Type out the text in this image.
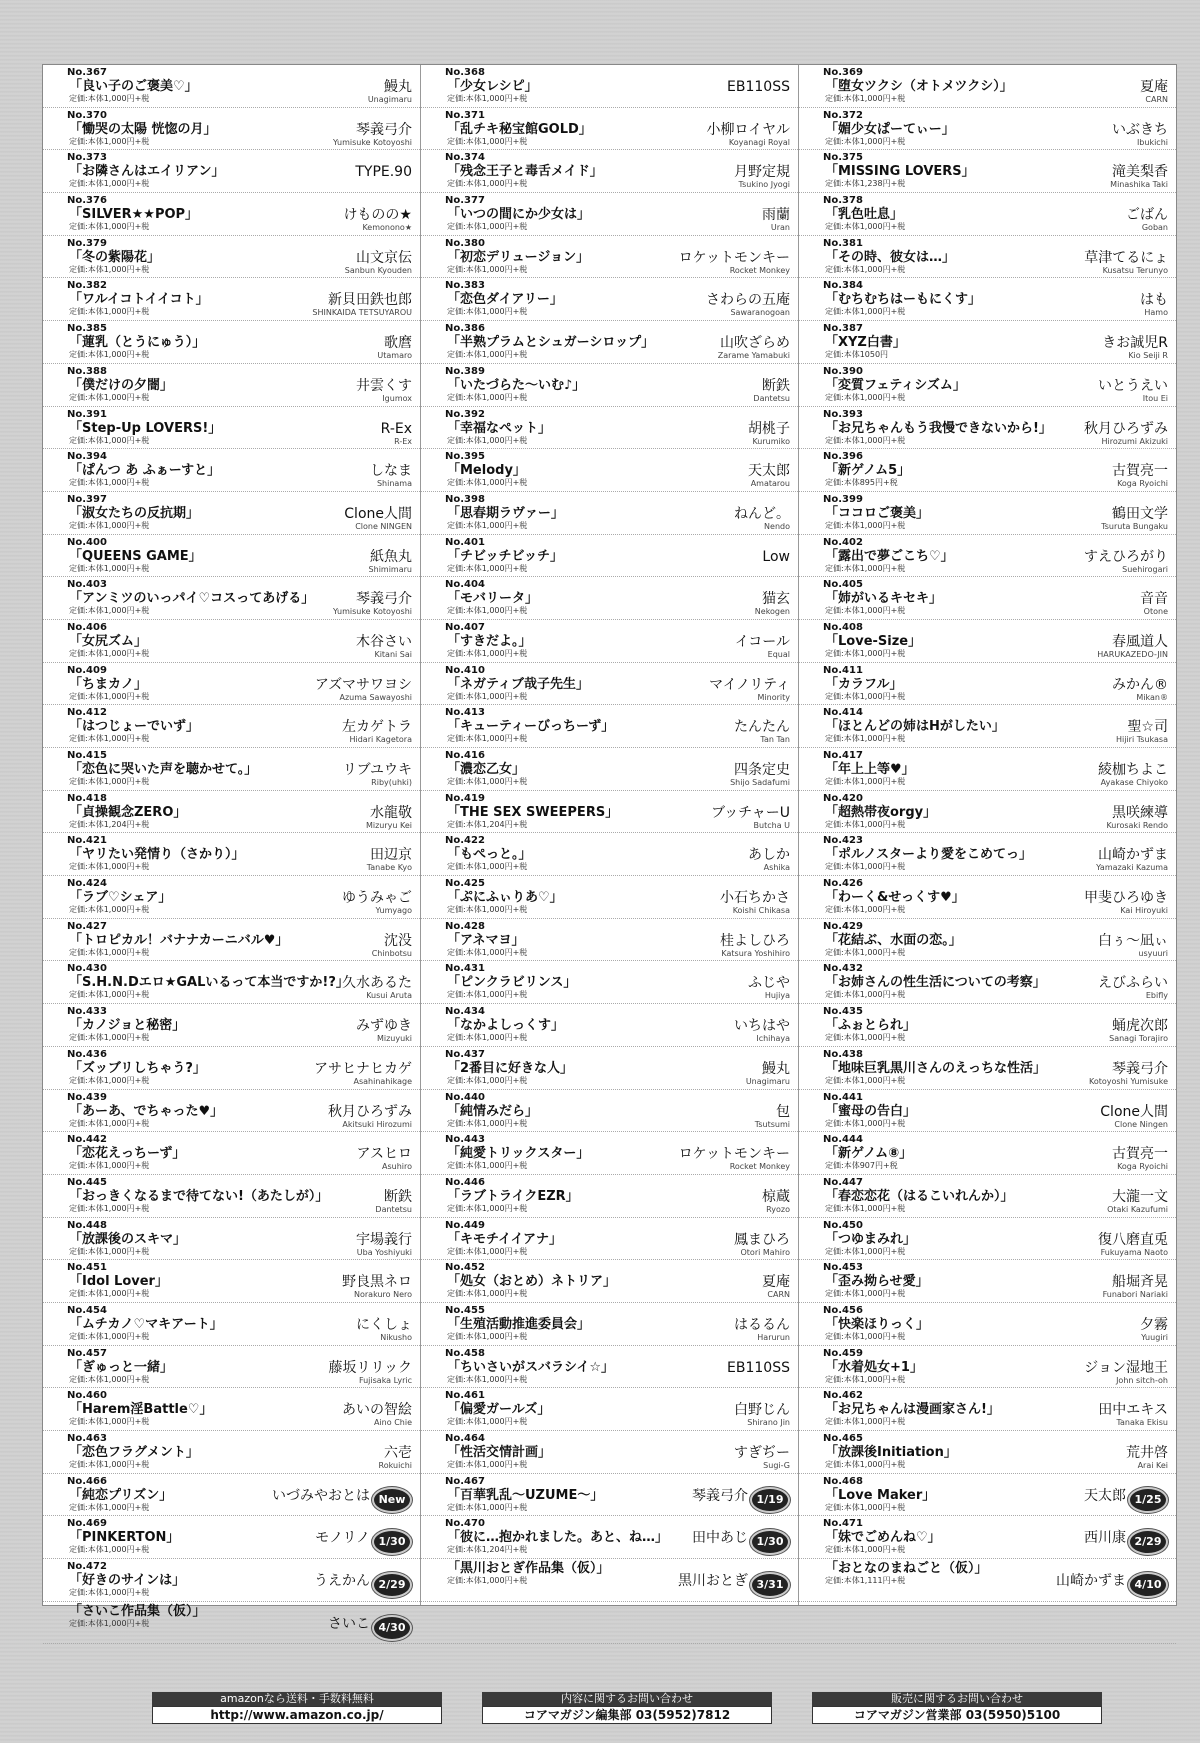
No.367
「良い子のご褒美♡」
定価:本体1,000円+税
鰻丸
Unagimaru
No.370
「慟哭の太陽 恍惚の月」
定価:本体1,000円+税
琴義弓介
Yumisuke Kotoyoshi
No.373
「お隣さんはエイリアン」
定価:本体1,000円+税
TYPE.90
No.376
「SILVER★★POP」
定価:本体1,000円+税
けものの★
Kemonono★
No.379
「冬の紫陽花」
定価:本体1,000円+税
山文京伝
Sanbun Kyouden
No.382
「ワルイコトイイコト」
定価:本体1,000円+税
新貝田鉄也郎
SHINKAIDA TETSUYAROU
No.385
「蓮乳（とうにゅう）」
定価:本体1,000円+税
歌麿
Utamaro
No.388
「僕だけの夕闇」
定価:本体1,000円+税
井雲くす
Igumox
No.391
「Step-Up LOVERS!」
定価:本体1,000円+税
R-Ex
R-Ex
No.394
「ぱんつ あ ふぁーすと」
定価:本体1,000円+税
しなま
Shinama
No.397
「淑女たちの反抗期」
定価:本体1,000円+税
Clone人間
Clone NINGEN
No.400
「QUEENS GAME」
定価:本体1,000円+税
紙魚丸
Shimimaru
No.403
「アンミツのいっパイ♡コスってあげる」
定価:本体1,000円+税
琴義弓介
Yumisuke Kotoyoshi
No.406
「女尻ズム」
定価:本体1,000円+税
木谷さい
Kitani Sai
No.409
「ちまカノ」
定価:本体1,000円+税
アズマサワヨシ
Azuma Sawayoshi
No.412
「はつじょーでいず」
定価:本体1,000円+税
左カゲトラ
Hidari Kagetora
No.415
「恋色に哭いた声を聴かせて。」
定価:本体1,000円+税
リブユウキ
Riby(uhki)
No.418
「貞操観念ZERO」
定価:本体1,204円+税
水龍敬
Mizuryu Kei
No.421
「ヤリたい発情り（さかり）」
定価:本体1,000円+税
田辺京
Tanabe Kyo
No.424
「ラブ♡シェア」
定価:本体1,000円+税
ゆうみゃご
Yumyago
No.427
「トロピカル！バナナカーニバル♥」
定価:本体1,000円+税
沈没
Chinbotsu
No.430
「S.H.N.Dエロ★GALいるって本当ですか!?」
定価:本体1,000円+税
久水あるた
Kusui Aruta
No.433
「カノジョと秘密」
定価:本体1,000円+税
みずゆき
Mizuyuki
No.436
「ズッブリしちゃう?」
定価:本体1,000円+税
アサヒナヒカゲ
Asahinahikage
No.439
「あーあ、でちゃった♥」
定価:本体1,000円+税
秋月ひろずみ
Akitsuki Hirozumi
No.442
「恋花えっちーず」
定価:本体1,000円+税
アスヒロ
Asuhiro
No.445
「おっきくなるまで待てない!（あたしが）」
定価:本体1,000円+税
断鉄
Dantetsu
No.448
「放課後のスキマ」
定価:本体1,000円+税
宇場義行
Uba Yoshiyuki
No.451
「Idol Lover」
定価:本体1,000円+税
野良黒ネロ
Norakuro Nero
No.454
「ムチカノ♡マキアート」
定価:本体1,000円+税
にくしょ
Nikusho
No.457
「ぎゅっと一緒」
定価:本体1,000円+税
藤坂リリック
Fujisaka Lyric
No.460
「Harem淫Battle♡」
定価:本体1,000円+税
あいの智絵
Aino Chie
No.463
「恋色フラグメント」
定価:本体1,000円+税
六壱
Rokuichi
No.466
「純恋プリズン」
定価:本体1,000円+税
いづみやおとは New
No.469
「PINKERTON」
定価:本体1,000円+税
モノリノ 1/30
No.472
「好きのサインは」
定価:本体1,000円+税
うえかん 2/29
「さいこ作品集（仮）」
定価:本体1,000円+税	さいこ 4/30
No.368
「少女レシピ」
定価:本体1,000円+税
EB110SS
No.371
「乱チキ秘宝館GOLD」
定価:本体1,000円+税
小柳ロイヤル
Koyanagi Royal
No.374
「残念王子と毒舌メイド」
定価:本体1,000円+税
月野定規
Tsukino Jyogi
No.377
「いつの間にか少女は」
定価:本体1,000円+税
雨蘭
Uran
No.380
「初恋デリュージョン」
定価:本体1,000円+税
ロケットモンキー
Rocket Monkey
No.383
「恋色ダイアリー」
定価:本体1,000円+税
さわらの五庵
Sawaranogoan
No.386
「半熟プラムとシュガーシロップ」
定価:本体1,000円+税
山吹ざらめ
Zarame Yamabuki
No.389
「いたづらた〜いむ♪」
定価:本体1,000円+税
断鉄
Dantetsu
No.392
「幸福なペット」
定価:本体1,000円+税
胡桃子
Kurumiko
No.395
「Melody」
定価:本体1,000円+税
天太郎
Amatarou
No.398
「思春期ラヴァー」
定価:本体1,000円+税
ねんど。
Nendo
No.401
「チビッチビッチ」
定価:本体1,000円+税
Low
No.404
「モバリータ」
定価:本体1,000円+税
猫玄
Nekogen
No.407
「すきだよ。」
定価:本体1,000円+税
イコール
Equal
No.410
「ネガティブ哉子先生」
定価:本体1,000円+税
マイノリティ
Minority
No.413
「キューティーびっちーず」
定価:本体1,000円+税
たんたん
Tan Tan
No.416
「濃恋乙女」
定価:本体1,000円+税
四条定史
Shijo Sadafumi
No.419
「THE SEX SWEEPERS」
定価:本体1,204円+税
ブッチャーU
Butcha U
No.422
「もぺっと。」
定価:本体1,000円+税
あしか
Ashika
No.425
「ぷにふぃりあ♡」
定価:本体1,000円+税
小石ちかさ
Koishi Chikasa
No.428
「アネマヨ」
定価:本体1,000円+税
桂よしひろ
Katsura Yoshihiro
No.431
「ピンクラビリンス」
定価:本体1,000円+税
ふじや
Hujiya
No.434
「なかよしっくす」
定価:本体1,000円+税
いちはや
Ichihaya
No.437
「2番目に好きな人」
定価:本体1,000円+税
鰻丸
Unagimaru
No.440
「純情みだら」
定価:本体1,000円+税
包
Tsutsumi
No.443
「純愛トリックスター」
定価:本体1,000円+税
ロケットモンキー
Rocket Monkey
No.446
「ラブトライクEZR」
定価:本体1,000円+税
椋蔵
Ryozo
No.449
「キモチイイアナ」
定価:本体1,000円+税
鳳まひろ
Otori Mahiro
No.452
「処女（おとめ）ネトリア」
定価:本体1,000円+税
夏庵
CARN
No.455
「生殖活動推進委員会」
定価:本体1,000円+税
はるるん
Harurun
No.458
「ちいさいがスバラシイ☆」
定価:本体1,000円+税
EB110SS
No.461
「偏愛ガールズ」
定価:本体1,000円+税
白野じん
Shirano Jin
No.464
「性活交情計画」
定価:本体1,000円+税
すぎぢー
Sugi-G
No.467
「百華乳乱〜UZUME〜」
定価:本体1,000円+税
琴義弓介 1/19
No.470
「彼に…抱かれました。あと、ね…」
定価:本体1,204円+税
田中あじ 1/30
「黒川おとぎ作品集（仮）」
定価:本体1,000円+税	黒川おとぎ 3/31
No.369
「堕女ツクシ（オトメツクシ）」
定価:本体1,000円+税
夏庵
CARN
No.372
「媚少女ぱーてぃー」
定価:本体1,000円+税
いぶきち
Ibukichi
No.375
「MISSING LOVERS」
定価:本体1,238円+税
滝美梨香
Minashika Taki
No.378
「乳色吐息」
定価:本体1,000円+税
ごばん
Goban
No.381
「その時、彼女は…」
定価:本体1,000円+税
草津てるにょ
Kusatsu Terunyo
No.384
「むちむちはーもにくす」
定価:本体1,000円+税
はも
Hamo
No.387
「XYZ白書」
定価:本体1050円
きお誠児R
Kio Seiji R
No.390
「変質フェティシズム」
定価:本体1,000円+税
いとうえい
Itou Ei
No.393
「お兄ちゃんもう我慢できないから!」
定価:本体1,000円+税
秋月ひろずみ
Hirozumi Akizuki
No.396
「新ゲノム5」
定価:本体895円+税
古賀亮一
Koga Ryoichi
No.399
「ココロご褒美」
定価:本体1,000円+税
鶴田文学
Tsuruta Bungaku
No.402
「露出で夢ごこち♡」
定価:本体1,000円+税
すえひろがり
Suehirogari
No.405
「姉がいるキセキ」
定価:本体1,000円+税
音音
Otone
No.408
「Love-Size」
定価:本体1,000円+税
春風道人
HARUKAZEDO-JIN
No.411
「カラフル」
定価:本体1,000円+税
みかん®
Mikan®
No.414
「ほとんどの姉はHがしたい」
定価:本体1,000円+税
聖☆司
Hijiri Tsukasa
No.417
「年上上等♥」
定価:本体1,000円+税
綾枷ちよこ
Ayakase Chiyoko
No.420
「超熱帯夜orgy」
定価:本体1,000円+税
黒咲練導
Kurosaki Rendo
No.423
「ポルノスターより愛をこめてっ」
定価:本体1,000円+税
山崎かずま
Yamazaki Kazuma
No.426
「わーく&せっくす♥」
定価:本体1,000円+税
甲斐ひろゆき
Kai Hiroyuki
No.429
「花結ぶ、水面の恋。」
定価:本体1,000円+税
白ぅ〜凪ぃ
usyuuri
No.432
「お姉さんの性生活についての考察」
定価:本体1,000円+税
えびふらい
Ebifly
No.435
「ふぉとられ」
定価:本体1,000円+税
蛹虎次郎
Sanagi Torajiro
No.438
「地味巨乳黒川さんのえっちな性活」
定価:本体1,000円+税
琴義弓介
Kotoyoshi Yumisuke
No.441
「蜜母の告白」
定価:本体1,000円+税
Clone人間
Clone Ningen
No.444
「新ゲノム⑧」
定価:本体907円+税
古賀亮一
Koga Ryoichi
No.447
「春恋恋花（はるこいれんか）」
定価:本体1,000円+税
大瀧一文
Otaki Kazufumi
No.450
「つゆまみれ」
定価:本体1,000円+税
復八磨直兎
Fukuyama Naoto
No.453
「歪み拗らせ愛」
定価:本体1,000円+税
船堀斉晃
Funabori Nariaki
No.456
「快楽ほりっく」
定価:本体1,000円+税
夕霧
Yuugiri
No.459
「水着処女+1」
定価:本体1,000円+税
ジョン湿地王
John sitch-oh
No.462
「お兄ちゃんは漫画家さん!」
定価:本体1,000円+税
田中エキス
Tanaka Ekisu
No.465
「放課後Initiation」
定価:本体1,000円+税
荒井啓
Arai Kei
No.468
「Love Maker」
定価:本体1,000円+税
天太郎 1/25
No.471
「妹でごめんね♡」
定価:本体1,000円+税
西川康 2/29
「おとなのまねごと（仮）」
定価:本体1,111円+税	山崎かずま 4/10
amazonなら送料・手数料無料
http://www.amazon.co.jp/
内容に関するお問い合わせ
コアマガジン編集部 03(5952)7812
販売に関するお問い合わせ
コアマガジン営業部 03(5950)5100
